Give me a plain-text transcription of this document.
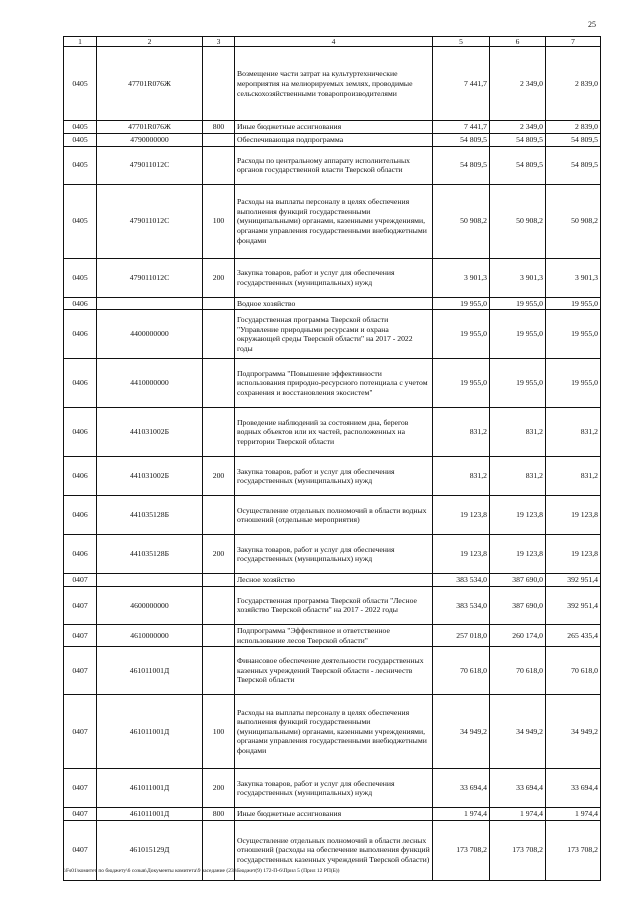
25
1	2	3	4	5	6	7
0405	47701R076Ж		Возмещение части затрат на культуртехнические мероприятия на мелиорируемых землях, проводимые сельскохозяйственными товаропроизводителями	7 441,7	2 349,0	2 839,0
0405	47701R076Ж	800	Иные бюджетные ассигнования	7 441,7	2 349,0	2 839,0
0405	4790000000		Обеспечивающая подпрограмма	54 809,5	54 809,5	54 809,5
0405	479011012С		Расходы по центральному аппарату исполнительных органов государственной власти Тверской области	54 809,5	54 809,5	54 809,5
0405	479011012С	100	Расходы на выплаты персоналу в целях обеспечения выполнения функций государственными (муниципальными) органами, казенными учреждениями, органами управления государственными внебюджетными фондами	50 908,2	50 908,2	50 908,2
0405	479011012С	200	Закупка товаров, работ и услуг для обеспечения государственных (муниципальных) нужд	3 901,3	3 901,3	3 901,3
0406			Водное хозяйство	19 955,0	19 955,0	19 955,0
0406	4400000000		Государственная программа Тверской области "Управление природными ресурсами и охрана окружающей среды Тверской области" на 2017 - 2022 годы	19 955,0	19 955,0	19 955,0
0406	4410000000		Подпрограмма "Повышение эффективности использования природно-ресурсного потенциала с учетом сохранения и восстановления экосистем"	19 955,0	19 955,0	19 955,0
0406	441031002Б		Проведение наблюдений за состоянием дна, берегов водных объектов или их частей, расположенных на территории Тверской области	831,2	831,2	831,2
0406	441031002Б	200	Закупка товаров, работ и услуг для обеспечения государственных (муниципальных) нужд	831,2	831,2	831,2
0406	441035128Б		Осуществление отдельных полномочий в области водных отношений (отдельные мероприятия)	19 123,8	19 123,8	19 123,8
0406	441035128Б	200	Закупка товаров, работ и услуг для обеспечения государственных (муниципальных) нужд	19 123,8	19 123,8	19 123,8
0407			Лесное хозяйство	383 534,0	387 690,0	392 951,4
0407	4600000000		Государственная программа Тверской области "Лесное хозяйство Тверской области" на 2017 - 2022 годы	383 534,0	387 690,0	392 951,4
0407	4610000000		Подпрограмма "Эффективное и ответственное использование лесов Тверской области"	257 018,0	260 174,0	265 435,4
0407	461011001Д		Финансовое обеспечение деятельности государственных казенных учреждений Тверской области - лесничеств Тверской области	70 618,0	70 618,0	70 618,0
0407	461011001Д	100	Расходы на выплаты персоналу в целях обеспечения выполнения функций государственными (муниципальными) органами, казенными учреждениями, органами управления государственными внебюджетными фондами	34 949,2	34 949,2	34 949,2
0407	461011001Д	200	Закупка товаров, работ и услуг для обеспечения государственных (муниципальных) нужд	33 694,4	33 694,4	33 694,4
0407	461011001Д	800	Иные бюджетные ассигнования	1 974,4	1 974,4	1 974,4
0407	461015129Д		Осуществление отдельных полномочий в области лесных отношений (расходы на обеспечение выполнения функций государственных казенных учреждений Тверской области)	173 708,2	173 708,2	173 708,2
\\Fs01\комитет по бюджету\6 созыв\Документы комитета\9 заседание (23)\Бюджет(9) 172-П-6\Прил 5 (Прил 12 РП(Б))
